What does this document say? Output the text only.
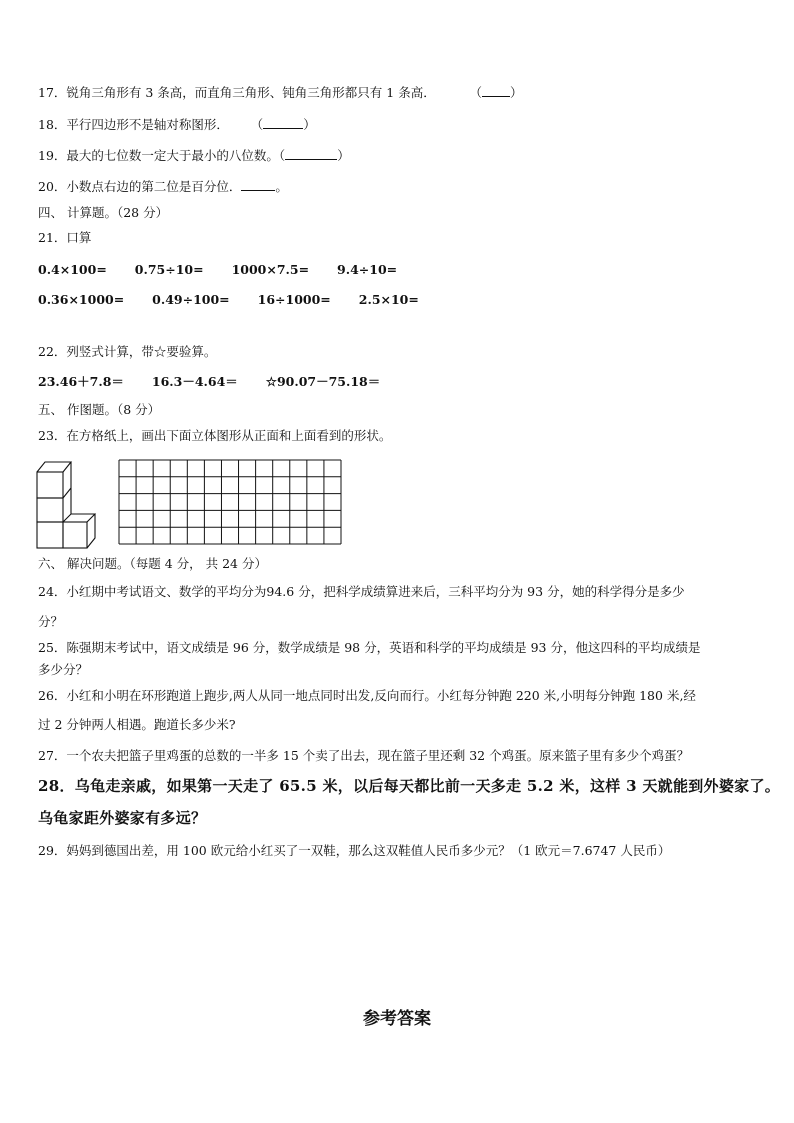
17．锐角三角形有 3 条高，而直角三角形、钝角三角形都只有 1 条高．	（ ）
18．平行四边形不是轴对称图形． （	）
19．最大的七位数一定大于最小的八位数。（	）
20．小数点右边的第二位是百分位．	。
四、 计算题。（28 分）
21．口算
0.4×100= 0.75÷10= 1000×7.5= 9.4÷10=
0.36×1000= 0.49÷100= 16÷1000= 2.5×10=
22．列竖式计算，带☆要验算。
23.46＋7.8＝ 16.3－4.64＝ ☆90.07－75.18＝
五、 作图题。（8 分）
23．在方格纸上，画出下面立体图形从正面和上面看到的形状。
六、 解决问题。（每题 4 分， 共 24 分）
24．小红期中考试语文、数学的平均分为94.6 分，把科学成绩算进来后，三科平均分为 93 分，她的科学得分是多少
分？
25．陈强期末考试中，语文成绩是 96 分，数学成绩是 98 分，英语和科学的平均成绩是 93 分，他这四科的平均成绩是
多少分？
26．小红和小明在环形跑道上跑步,两人从同一地点同时出发,反向而行。小红每分钟跑 220 米,小明每分钟跑 180 米,经
过 2 分钟两人相遇。跑道长多少米?
27．一个农夫把篮子里鸡蛋的总数的一半多 15 个卖了出去，现在篮子里还剩 32 个鸡蛋。原来篮子里有多少个鸡蛋？
28．乌龟走亲戚，如果第一天走了 65.5 米，以后每天都比前一天多走 5.2 米，这样 3 天就能到外婆家了。
乌龟家距外婆家有多远？
29．妈妈到德国出差，用 100 欧元给小红买了一双鞋，那么这双鞋值人民币多少元？（1 欧元＝7.6747 人民币）
参考答案
